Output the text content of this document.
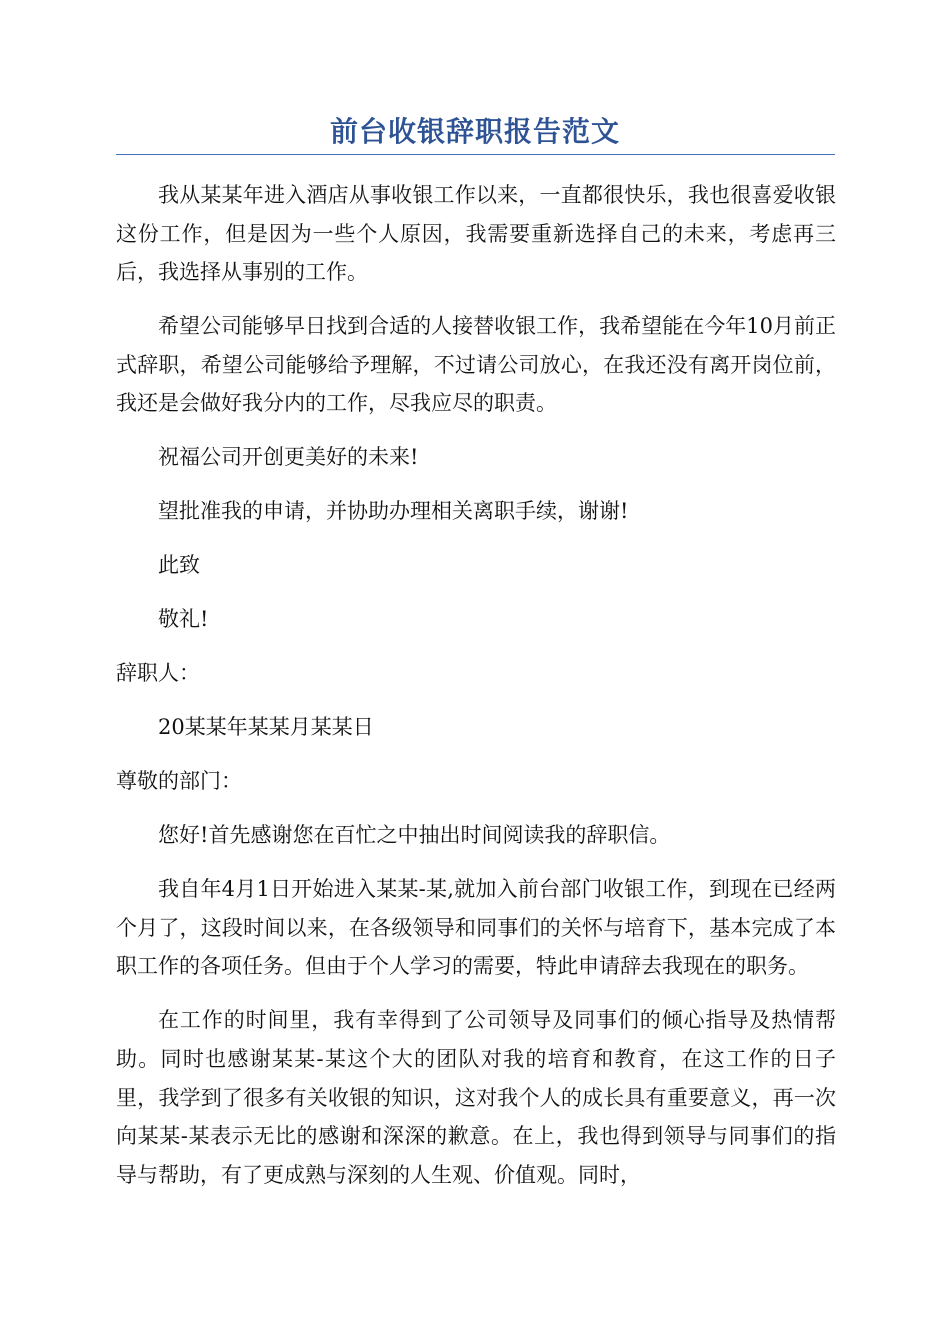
前台收银辞职报告范文

我从某某年进入酒店从事收银工作以来，一直都很快乐，我也很喜爱收银这份工作，但是因为一些个人原因，我需要重新选择自己的未来，考虑再三后，我选择从事别的工作。

希望公司能够早日找到合适的人接替收银工作，我希望能在今年10月前正式辞职，希望公司能够给予理解，不过请公司放心，在我还没有离开岗位前，我还是会做好我分内的工作，尽我应尽的职责。

祝福公司开创更美好的未来!

望批准我的申请，并协助办理相关离职手续，谢谢!

此致

敬礼!

辞职人：

20某某年某某月某某日

尊敬的部门：

您好!首先感谢您在百忙之中抽出时间阅读我的辞职信。

我自年4月1日开始进入某某-某,就加入前台部门收银工作，到现在已经两个月了，这段时间以来，在各级领导和同事们的关怀与培育下，基本完成了本职工作的各项任务。但由于个人学习的需要，特此申请辞去我现在的职务。

在工作的时间里，我有幸得到了公司领导及同事们的倾心指导及热情帮助。同时也感谢某某-某这个大的团队对我的培育和教育，在这工作的日子里，我学到了很多有关收银的知识，这对我个人的成长具有重要意义，再一次向某某-某表示无比的感谢和深深的歉意。在上，我也得到领导与同事们的指导与帮助，有了更成熟与深刻的人生观、价值观。同时，
